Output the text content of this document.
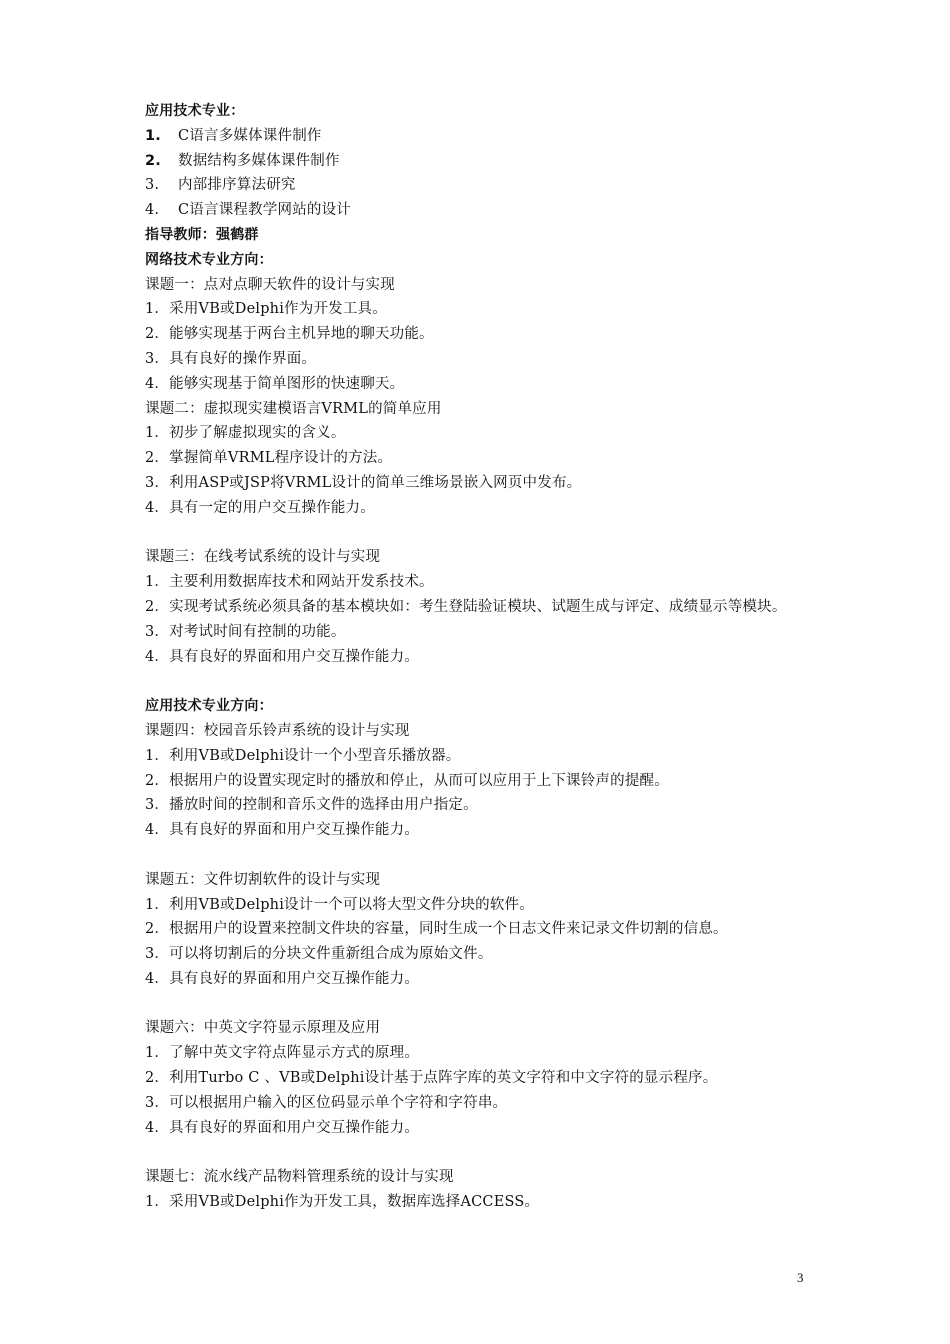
应用技术专业：
1. C语言多媒体课件制作
2. 数据结构多媒体课件制作
3. 内部排序算法研究
4. C语言课程教学网站的设计
指导教师：强鹤群
网络技术专业方向：
课题一：点对点聊天软件的设计与实现
1．采用VB或Delphi作为开发工具。
2．能够实现基于两台主机异地的聊天功能。
3．具有良好的操作界面。
4．能够实现基于简单图形的快速聊天。
课题二：虚拟现实建模语言VRML的简单应用
1．初步了解虚拟现实的含义。
2．掌握简单VRML程序设计的方法。
3．利用ASP或JSP将VRML设计的简单三维场景嵌入网页中发布。
4．具有一定的用户交互操作能力。
课题三：在线考试系统的设计与实现
1．主要利用数据库技术和网站开发系技术。
2．实现考试系统必须具备的基本模块如：考生登陆验证模块、试题生成与评定、成绩显示等模块。
3．对考试时间有控制的功能。
4．具有良好的界面和用户交互操作能力。
应用技术专业方向：
课题四：校园音乐铃声系统的设计与实现
1．利用VB或Delphi设计一个小型音乐播放器。
2．根据用户的设置实现定时的播放和停止，从而可以应用于上下课铃声的提醒。
3．播放时间的控制和音乐文件的选择由用户指定。
4．具有良好的界面和用户交互操作能力。
课题五：文件切割软件的设计与实现
1．利用VB或Delphi设计一个可以将大型文件分块的软件。
2．根据用户的设置来控制文件块的容量，同时生成一个日志文件来记录文件切割的信息。
3．可以将切割后的分块文件重新组合成为原始文件。
4．具有良好的界面和用户交互操作能力。
课题六：中英文字符显示原理及应用
1．了解中英文字符点阵显示方式的原理。
2．利用Turbo C 、VB或Delphi设计基于点阵字库的英文字符和中文字符的显示程序。
3．可以根据用户输入的区位码显示单个字符和字符串。
4．具有良好的界面和用户交互操作能力。
课题七：流水线产品物料管理系统的设计与实现
1．采用VB或Delphi作为开发工具，数据库选择ACCESS。
3
